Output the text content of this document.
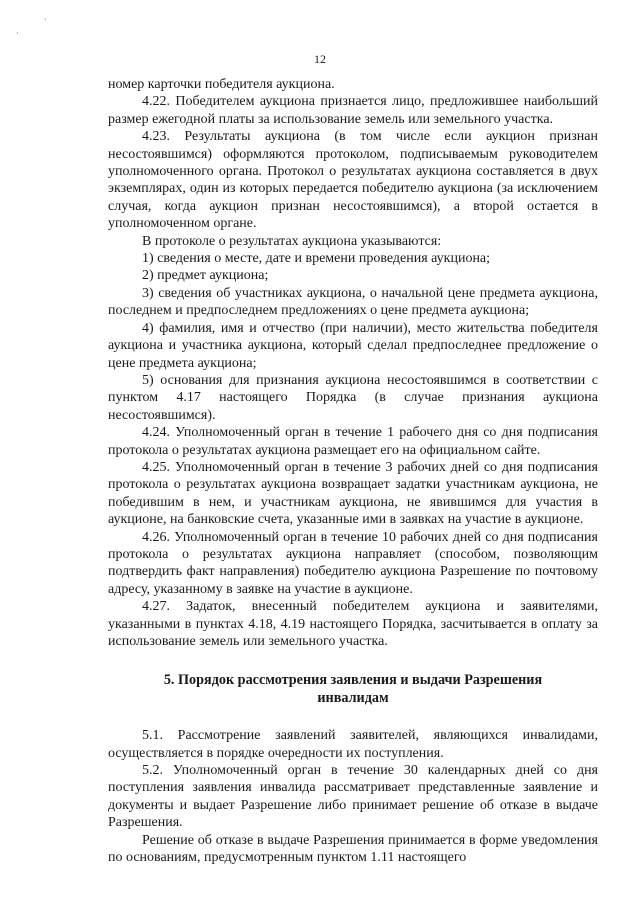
·
·
12

номер карточки победителя аукциона.

4.22. Победителем аукциона признается лицо, предложившее наибольший размер ежегодной платы за использование земель или земельного участка.

4.23. Результаты аукциона (в том числе если аукцион признан несостоявшимся) оформляются протоколом, подписываемым руководителем уполномоченного органа. Протокол о результатах аукциона составляется в двух экземплярах, один из которых передается победителю аукциона (за исключением случая, когда аукцион признан несостоявшимся), а второй остается в уполномоченном органе.

В протоколе о результатах аукциона указываются:

1) сведения о месте, дате и времени проведения аукциона;

2) предмет аукциона;

3) сведения об участниках аукциона, о начальной цене предмета аукциона, последнем и предпоследнем предложениях о цене предмета аукциона;

4) фамилия, имя и отчество (при наличии), место жительства победителя аукциона и участника аукциона, который сделал предпоследнее предложение о цене предмета аукциона;

5) основания для признания аукциона несостоявшимся в соответствии с пунктом 4.17 настоящего Порядка (в случае признания аукциона несостоявшимся).

4.24. Уполномоченный орган в течение 1 рабочего дня со дня подписания протокола о результатах аукциона размещает его на официальном сайте.

4.25. Уполномоченный орган в течение 3 рабочих дней со дня подписания протокола о результатах аукциона возвращает задатки участникам аукциона, не победившим в нем, и участникам аукциона, не явившимся для участия в аукционе, на банковские счета, указанные ими в заявках на участие в аукционе.

4.26. Уполномоченный орган в течение 10 рабочих дней со дня подписания протокола о результатах аукциона направляет (способом, позволяющим подтвердить факт направления) победителю аукциона Разрешение по почтовому адресу, указанному в заявке на участие в аукционе.

4.27. Задаток, внесенный победителем аукциона и заявителями, указанными в пунктах 4.18, 4.19 настоящего Порядка, засчитывается в оплату за использование земель или земельного участка.

5. Порядок рассмотрения заявления и выдачи Разрешения инвалидам

5.1. Рассмотрение заявлений заявителей, являющихся инвалидами, осуществляется в порядке очередности их поступления.

5.2. Уполномоченный орган в течение 30 календарных дней со дня поступления заявления инвалида рассматривает представленные заявление и документы и выдает Разрешение либо принимает решение об отказе в выдаче Разрешения.

Решение об отказе в выдаче Разрешения принимается в форме уведомления по основаниям, предусмотренным пунктом 1.11 настоящего
